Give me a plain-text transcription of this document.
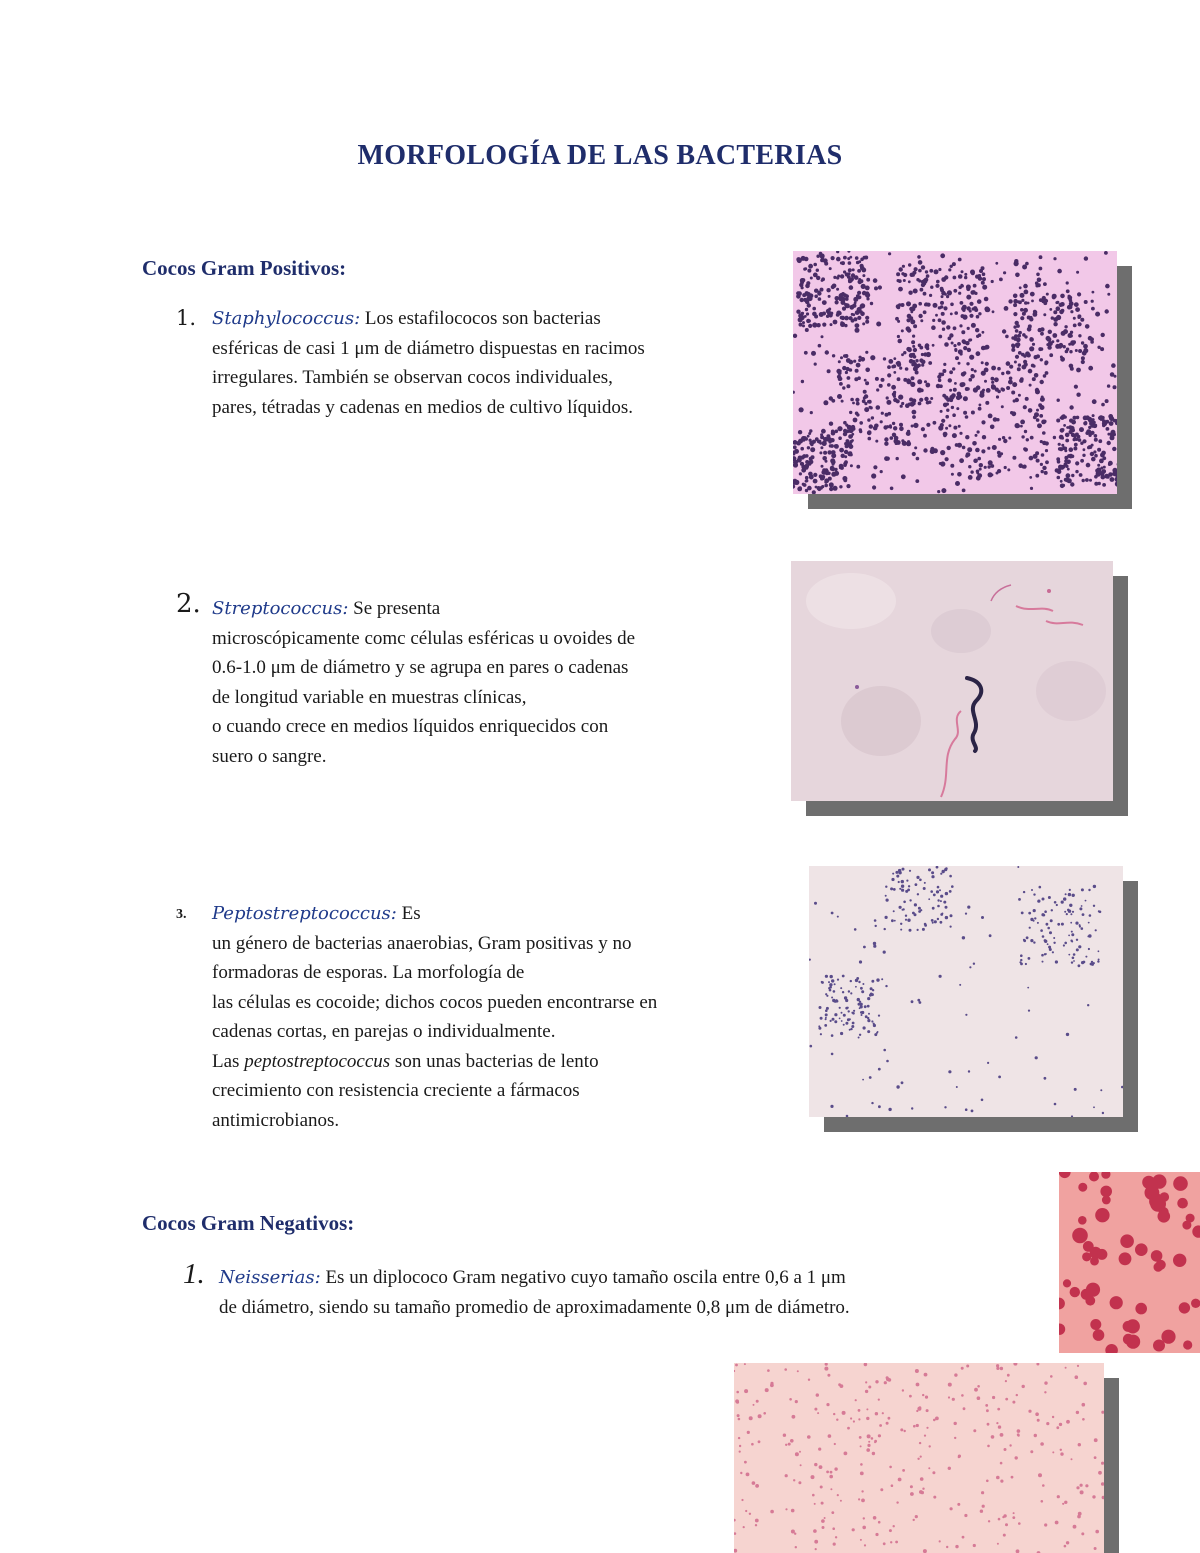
MORFOLOGÍA DE LAS BACTERIAS
Cocos Gram Positivos:
Staphylococcus: Los estafilococos son bacterias
esféricas de casi 1 μm de diámetro dispuestas en racimos
irregulares. También se observan cocos individuales,
pares, tétradas y cadenas en medios de cultivo líquidos.
1.
Streptococcus: Se presenta
microscópicamente comc células esféricas u ovoides de
0.6-1.0 μm de diámetro y se agrupa en pares o cadenas
de longitud variable en muestras clínicas,
o cuando crece en medios líquidos enriquecidos con
suero o sangre.
2.
Peptostreptococcus: Es
un género de bacterias anaerobias, Gram positivas y no
formadoras de esporas. La morfología de
las células es cocoide; dichos cocos pueden encontrarse en
cadenas cortas, en parejas o individualmente.
Las peptostreptococcus son unas bacterias de lento
crecimiento con resistencia creciente a fármacos
antimicrobianos.
3.
Cocos Gram Negativos:
Neisserias: Es un diplococo Gram negativo cuyo tamaño oscila entre 0,6 a 1 μm
de diámetro, siendo su tamaño promedio de aproximadamente 0,8 μm de diámetro.
1.
